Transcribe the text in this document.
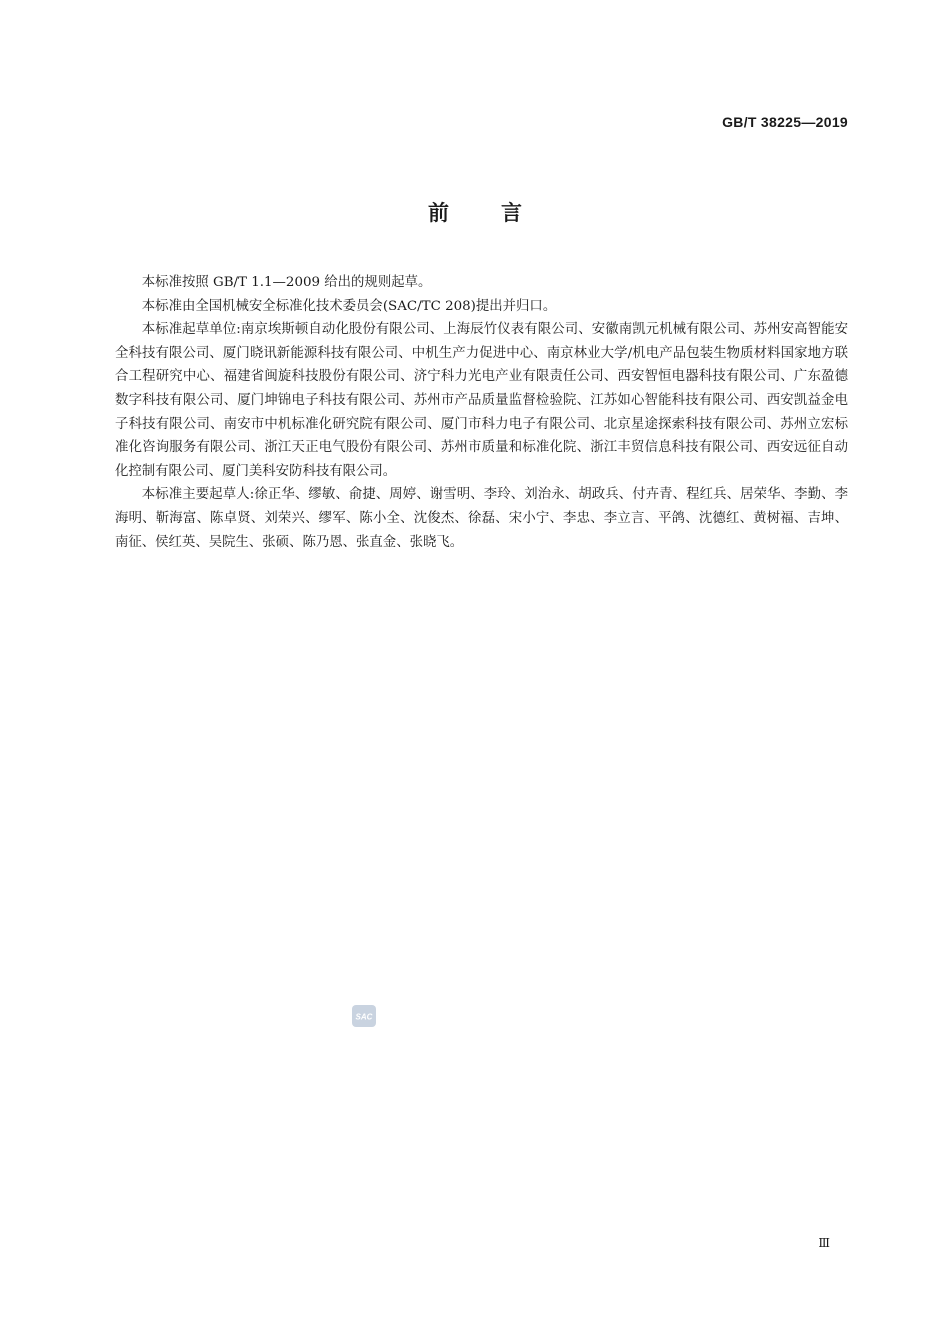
GB/T 38225—2019
前言

本标准按照 GB/T 1.1—2009 给出的规则起草。

本标准由全国机械安全标准化技术委员会(SAC/TC 208)提出并归口。

本标准起草单位:南京埃斯顿自动化股份有限公司、上海辰竹仪表有限公司、安徽南凯元机械有限公司、苏州安高智能安全科技有限公司、厦门晓讯新能源科技有限公司、中机生产力促进中心、南京林业大学/机电产品包装生物质材料国家地方联合工程研究中心、福建省闽旋科技股份有限公司、济宁科力光电产业有限责任公司、西安智恒电器科技有限公司、广东盈德数字科技有限公司、厦门坤锦电子科技有限公司、苏州市产品质量监督检验院、江苏如心智能科技有限公司、西安凯益金电子科技有限公司、南安市中机标准化研究院有限公司、厦门市科力电子有限公司、北京星途探索科技有限公司、苏州立宏标准化咨询服务有限公司、浙江天正电气股份有限公司、苏州市质量和标准化院、浙江丰贸信息科技有限公司、西安远征自动化控制有限公司、厦门美科安防科技有限公司。

本标准主要起草人:徐正华、缪敏、俞捷、周婷、谢雪明、李玲、刘治永、胡政兵、付卉青、程红兵、居荣华、李勤、李海明、靳海富、陈卓贤、刘荣兴、缪军、陈小全、沈俊杰、徐磊、宋小宁、李忠、李立言、平鸽、沈德红、黄树福、吉坤、南征、侯红英、吴院生、张硕、陈乃恩、张直金、张晓飞。

SAC
Ⅲ
